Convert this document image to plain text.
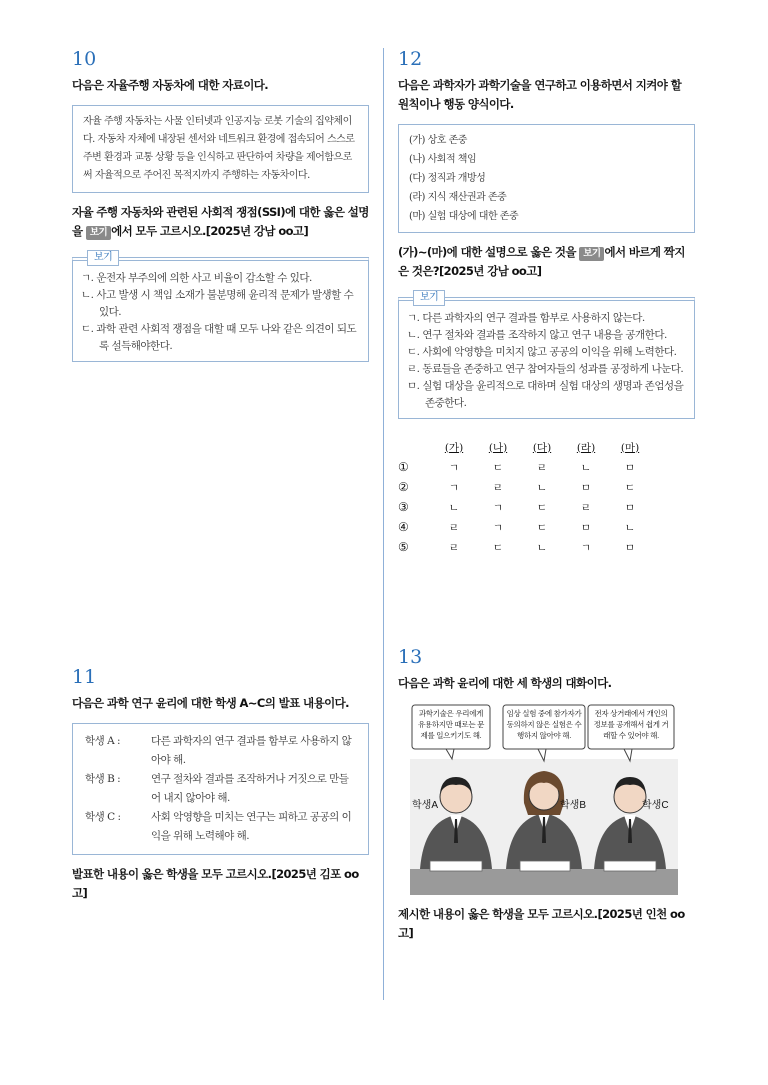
10
다음은 자율주행 자동차에 대한 자료이다.
자율 주행 자동차는 사물 인터넷과 인공지능 로봇 기술의 집약체이다. 자동차 자체에 내장된 센서와 네트워크 환경에 접속되어 스스로 주변 환경과 교통 상황 등을 인식하고 판단하여 차량을 제어함으로써 자율적으로 주어진 목적지까지 주행하는 자동차이다.
자율 주행 자동차와 관련된 사회적 쟁점(SSI)에 대한 옳은 설명을 보기 에서 모두 고르시오.[2025년 강남 oo고]
보기
ㄱ. 운전자 부주의에 의한 사고 비율이 감소할 수 있다.
ㄴ. 사고 발생 시 책임 소재가 불분명해 윤리적 문제가 발생할 수 있다.
ㄷ. 과학 관련 사회적 쟁점을 대할 때 모두 나와 같은 의견이 되도록 설득해야한다.
11
다음은 과학 연구 윤리에 대한 학생 A~C의 발표 내용이다.
학생 A :	다른 과학자의 연구 결과를 함부로 사용하지 않아야 해.
학생 B :	연구 절차와 결과를 조작하거나 거짓으로 만들어 내지 않아야 해.
학생 C :	사회 악영향을 미치는 연구는 피하고 공공의 이익을 위해 노력해야 해.
발표한 내용이 옳은 학생을 모두 고르시오.[2025년 김포 oo고]
12
다음은 과학자가 과학기술을 연구하고 이용하면서 지켜야 할 원칙이나 행동 양식이다.
(가) 상호 존중
(나) 사회적 책임
(다) 정직과 개방성
(라) 지식 재산권과 존중
(마) 실험 대상에 대한 존중
(가)~(마)에 대한 설명으로 옳은 것을 보기 에서 바르게 짝지은 것은?[2025년 강남 oo고]
보기
ㄱ. 다른 과학자의 연구 결과를 함부로 사용하지 않는다.
ㄴ. 연구 절차와 결과를 조작하지 않고 연구 내용을 공개한다.
ㄷ. 사회에 악영향을 미치지 않고 공공의 이익을 위해 노력한다.
ㄹ. 동료들을 존중하고 연구 참여자들의 성과를 공정하게 나눈다.
ㅁ. 실험 대상을 윤리적으로 대하며 실험 대상의 생명과 존엄성을 존중한다.
	(가)	(나)	(다)	(라)	(마)
①	ㄱ	ㄷ	ㄹ	ㄴ	ㅁ
②	ㄱ	ㄹ	ㄴ	ㅁ	ㄷ
③	ㄴ	ㄱ	ㄷ	ㄹ	ㅁ
④	ㄹ	ㄱ	ㄷ	ㅁ	ㄴ
⑤	ㄹ	ㄷ	ㄴ	ㄱ	ㅁ
13
다음은 과학 윤리에 대한 세 학생의 대화이다.
과학기술은 우리에게 유용하지만 때로는 문제를 일으키기도 해.
임상 실험 중에 참가자가 동의하지 않은 실험은 수행하지 않아야 해.
전자 상거래에서 개인의 정보를 공개해서 쉽게 거래할 수 있어야 해.
학생A	학생B	학생C
제시한 내용이 옳은 학생을 모두 고르시오.[2025년 인천 oo고]
